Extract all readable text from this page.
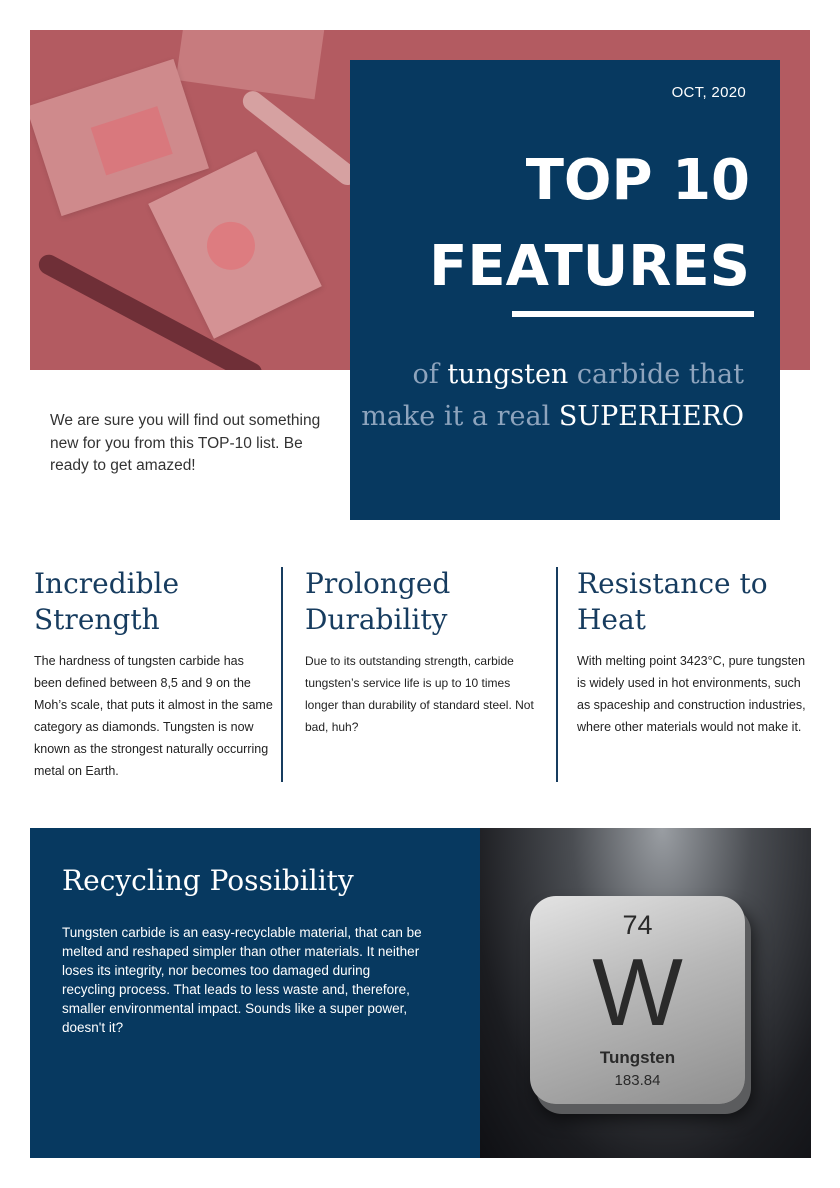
OCT, 2020
TOP 10
FEATURES
of tungsten carbide that
make it a real SUPERHERO
We are sure you will find out something new for you from this TOP-10 list. Be ready to get amazed!
Incredible
Strength

The hardness of tungsten carbide has been defined between 8,5 and 9 on the Moh’s scale, that puts it almost in the same category as diamonds. Tungsten is now known as the strongest naturally occurring metal on Earth.

Prolonged
Durability

Due to its outstanding strength, carbide tungsten’s service life is up to 10 times longer than durability of standard steel. Not bad, huh?

Resistance to
Heat

With melting point 3423°C, pure tungsten is widely used in hot environments, such as spaceship and construction industries, where other materials would not make it.

Recycling Possibility

Tungsten carbide is an easy-recyclable material, that can be melted and reshaped simpler than other materials. It neither loses its integrity, nor becomes too damaged during recycling process. That leads to less waste and, therefore, smaller environmental impact. Sounds like a super power, doesn't it?

74
W
Tungsten
183.84
